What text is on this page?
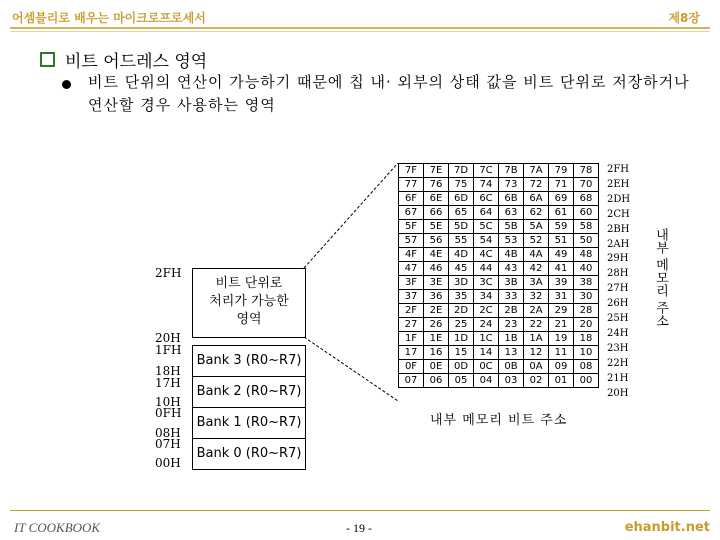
어셈블리로 배우는 마이크로프로세서	제8장
비트 어드레스 영역
비트 단위의 연산이 가능하기 때문에 칩 내· 외부의 상태 값을 비트 단위로 저장하거나 연산할 경우 사용하는 영역
7F	7E	7D	7C	7B	7A	79	78
77	76	75	74	73	72	71	70
6F	6E	6D	6C	6B	6A	69	68
67	66	65	64	63	62	61	60
5F	5E	5D	5C	5B	5A	59	58
57	56	55	54	53	52	51	50
4F	4E	4D	4C	4B	4A	49	48
47	46	45	44	43	42	41	40
3F	3E	3D	3C	3B	3A	39	38
37	36	35	34	33	32	31	30
2F	2E	2D	2C	2B	2A	29	28
27	26	25	24	23	22	21	20
1F	1E	1D	1C	1B	1A	19	18
17	16	15	14	13	12	11	10
0F	0E	0D	0C	0B	0A	09	08
07	06	05	04	03	02	01	00
2FH
2EH
2DH
2CH
2BH
2AH
29H
28H
27H
26H
25H
24H
23H
22H
21H
20H
내부 메모리 주소
내부 메모리 비트 주소
2FH
20H
1FH
18H
17H
10H
0FH
08H
07H
00H
비트 단위로
처리가 가능한
영역
Bank 3 (R0~R7)
Bank 2 (R0~R7)
Bank 1 (R0~R7)
Bank 0 (R0~R7)
IT COOKBOOK	- 19 -	ehanbit.net
